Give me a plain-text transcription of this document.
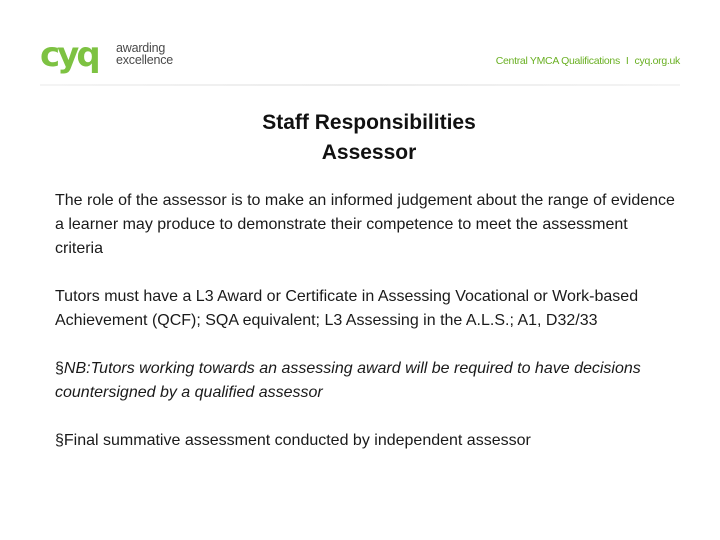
cyq awarding
excellence	Central YMCA Qualifications I cyq.org.uk
Staff Responsibilities
Assessor

The role of the assessor is to make an informed judgement about the range of evidence a learner may produce to demonstrate their competence to meet the assessment criteria

Tutors must have a L3 Award or Certificate in Assessing Vocational or Work-based Achievement (QCF); SQA equivalent; L3 Assessing in the A.L.S.; A1, D32/33

§NB:Tutors working towards an assessing award will be required to have decisions countersigned by a qualified assessor

§Final summative assessment conducted by independent assessor
